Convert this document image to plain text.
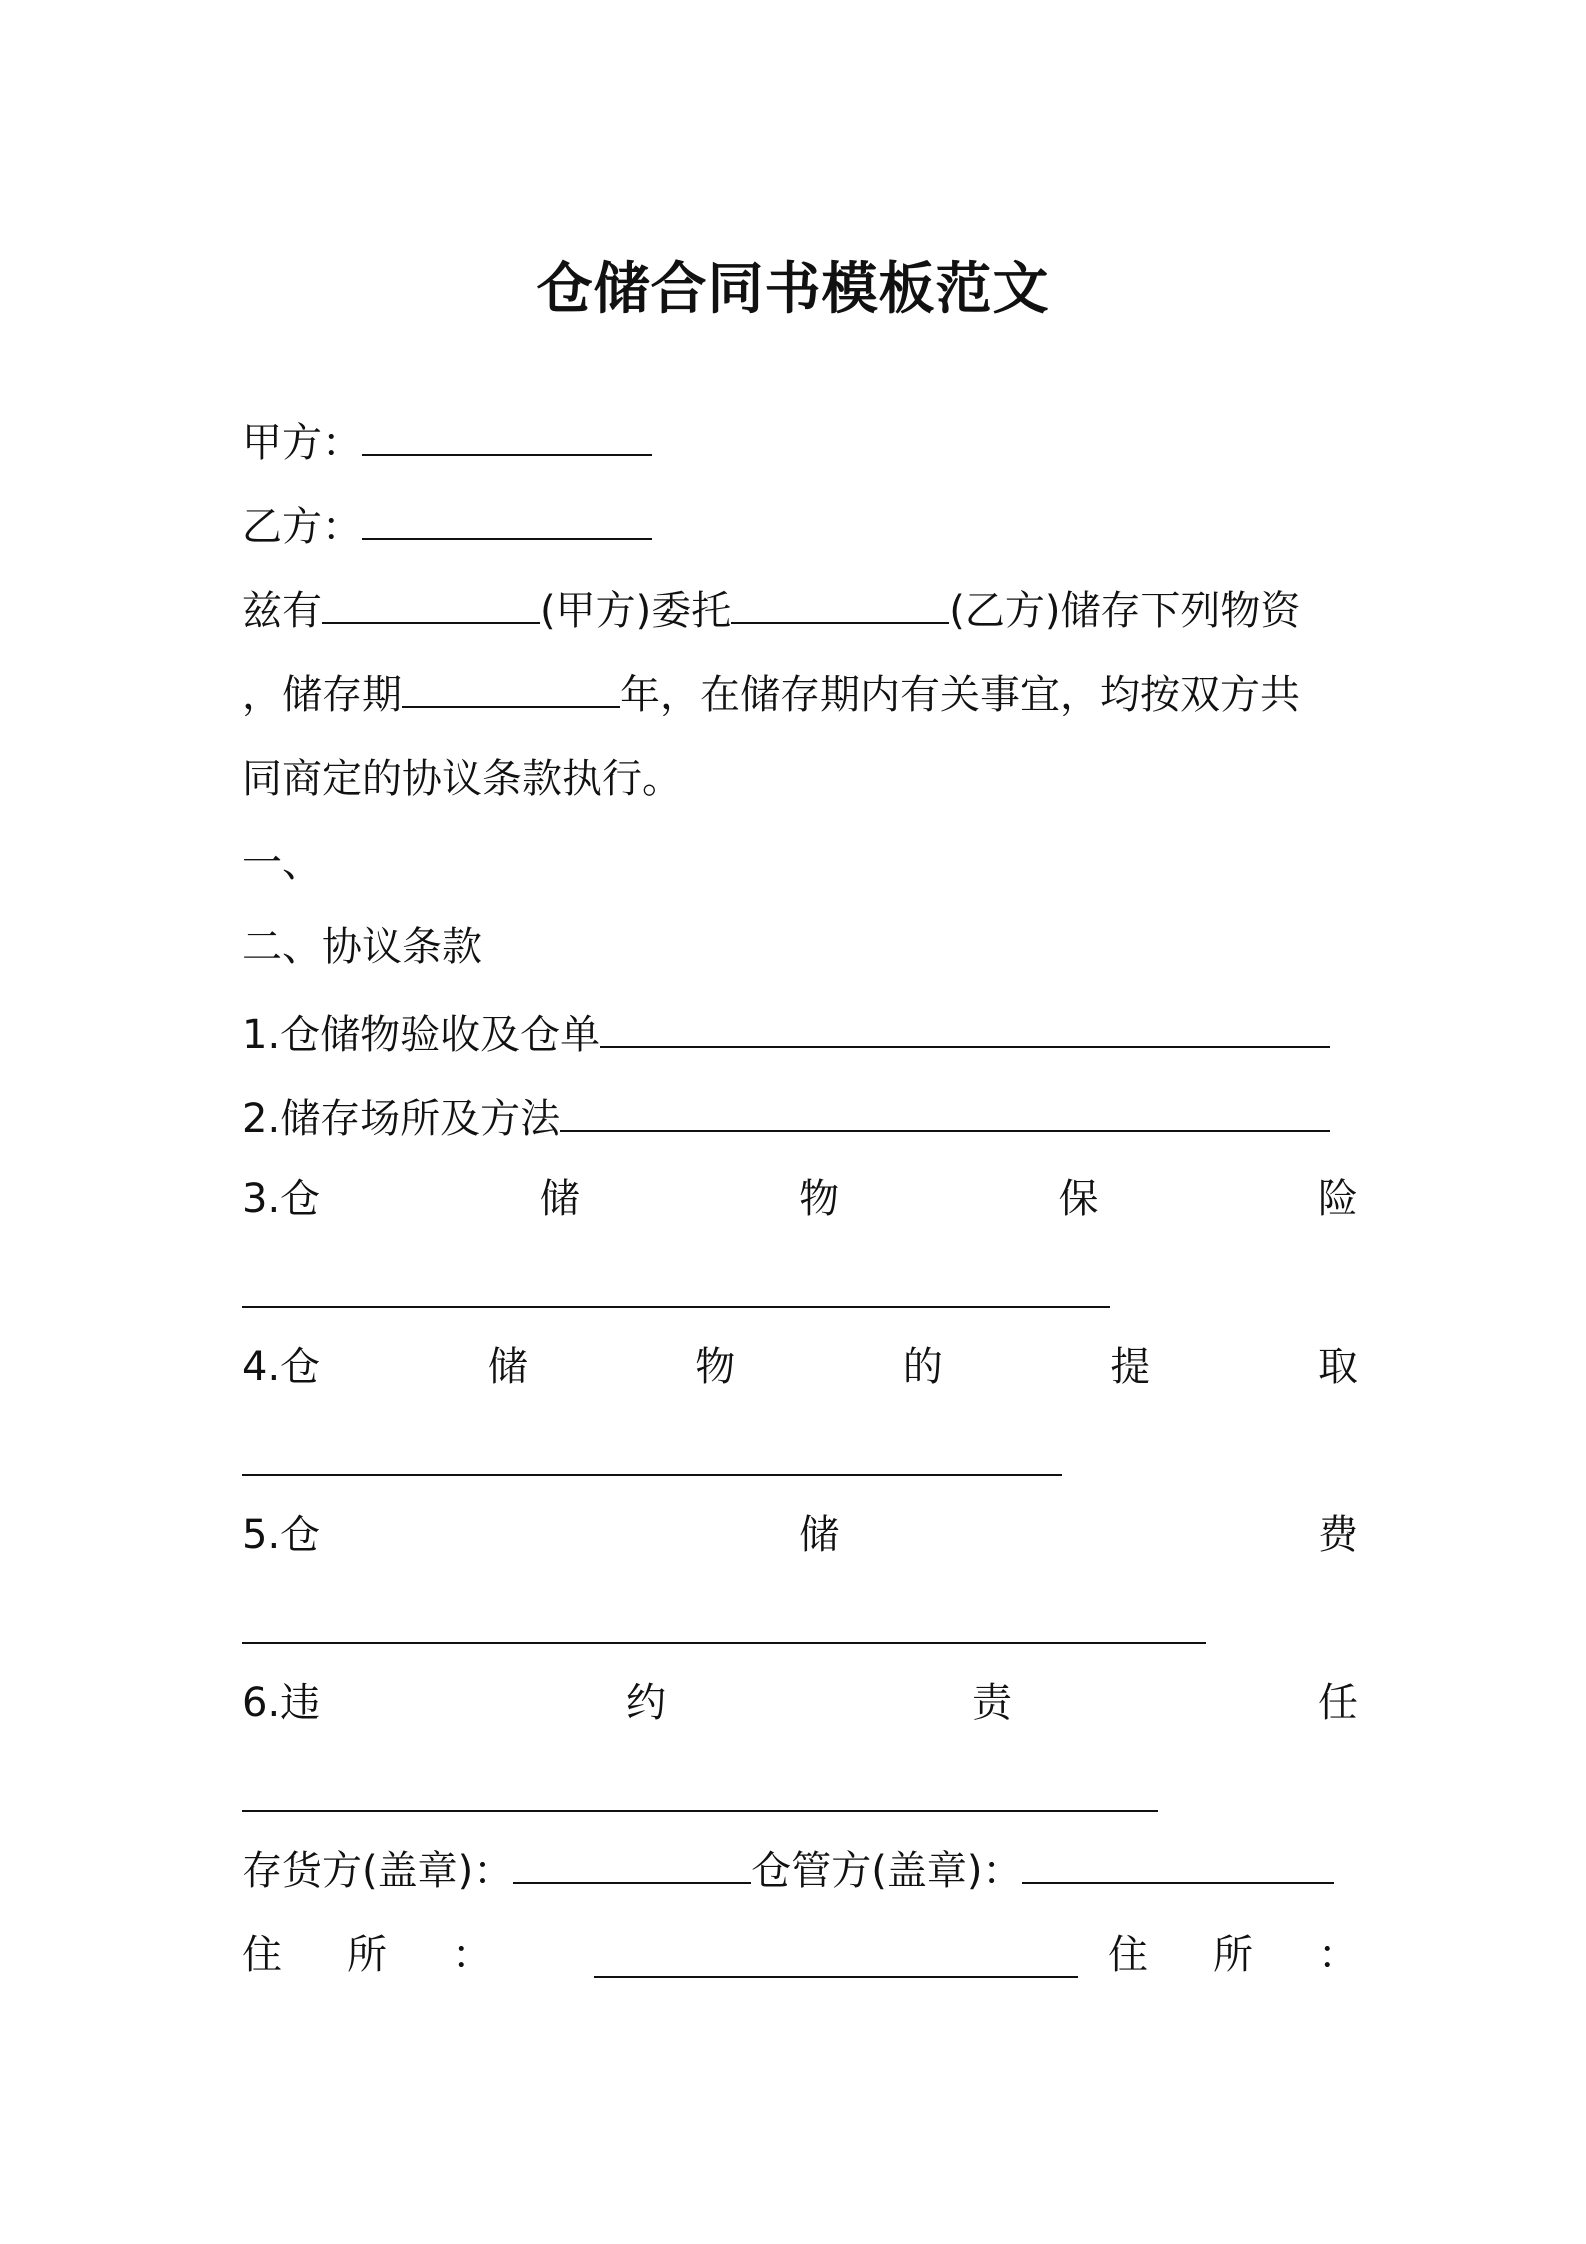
仓储合同书模板范文
甲方：
乙方：
兹有	(甲方)委托	(乙方)储存下列物资
，储存期	年，在储存期内有关事宜，均按双方共
同商定的协议条款执行。
一、
二、协议条款
1.仓储物验收及仓单
2.储存场所及方法
3.仓	储	物	保	险
4.仓	储	物	的	提	取
5.仓	储	费
6.违	约	责	任
存货方(盖章)：	仓管方(盖章)：
住 所 ：	住 所 ：
